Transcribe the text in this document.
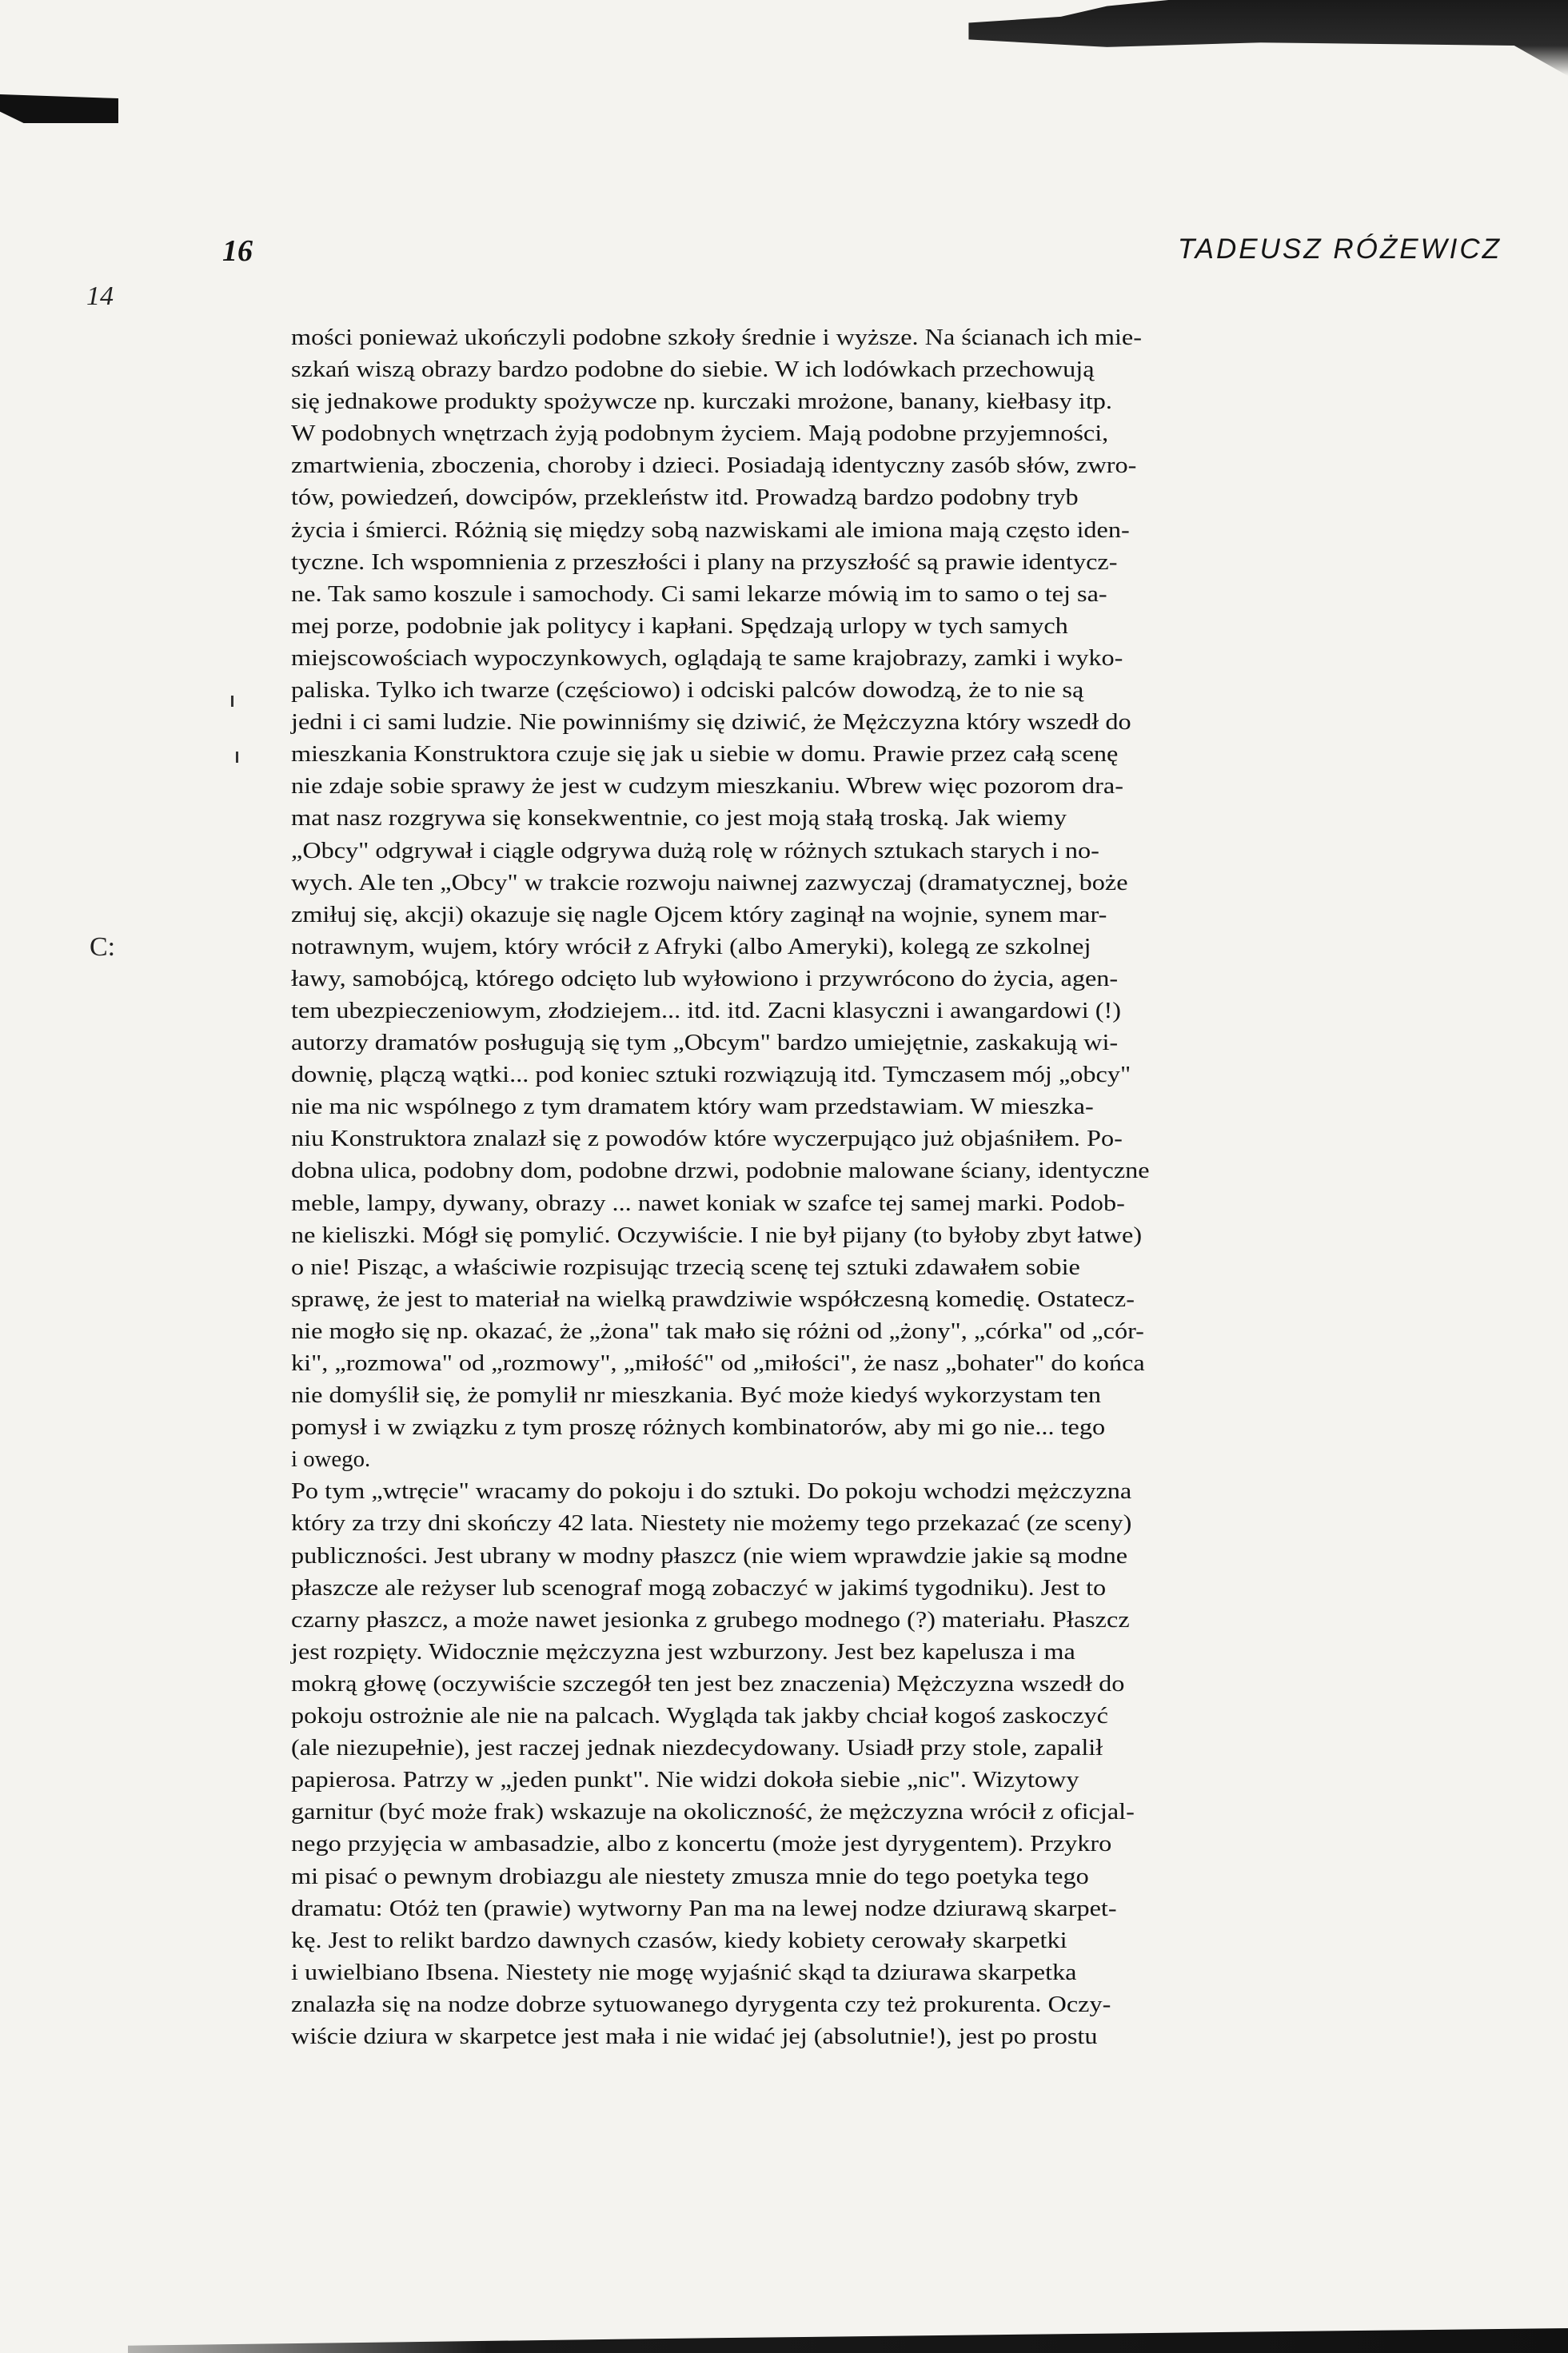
14
C:
16	TADEUSZ RÓŻEWICZ
mości ponieważ ukończyli podobne szkoły średnie i wyższe. Na ścianach ich mie-
szkań wiszą obrazy bardzo podobne do siebie. W ich lodówkach przechowują
się jednakowe produkty spożywcze np. kurczaki mrożone, banany, kiełbasy itp.
W podobnych wnętrzach żyją podobnym życiem. Mają podobne przyjemności,
zmartwienia, zboczenia, choroby i dzieci. Posiadają identyczny zasób słów, zwro-
tów, powiedzeń, dowcipów, przekleństw itd. Prowadzą bardzo podobny tryb
życia i śmierci. Różnią się między sobą nazwiskami ale imiona mają często iden-
tyczne. Ich wspomnienia z przeszłości i plany na przyszłość są prawie identycz-
ne. Tak samo koszule i samochody. Ci sami lekarze mówią im to samo o tej sa-
mej porze, podobnie jak politycy i kapłani. Spędzają urlopy w tych samych
miejscowościach wypoczynkowych, oglądają te same krajobrazy, zamki i wyko-
paliska. Tylko ich twarze (częściowo) i odciski palców dowodzą, że to nie są
jedni i ci sami ludzie. Nie powinniśmy się dziwić, że Mężczyzna który wszedł do
mieszkania Konstruktora czuje się jak u siebie w domu. Prawie przez całą scenę
nie zdaje sobie sprawy że jest w cudzym mieszkaniu. Wbrew więc pozorom dra-
mat nasz rozgrywa się konsekwentnie, co jest moją stałą troską. Jak wiemy
„Obcy" odgrywał i ciągle odgrywa dużą rolę w różnych sztukach starych i no-
wych. Ale ten „Obcy" w trakcie rozwoju naiwnej zazwyczaj (dramatycznej, boże
zmiłuj się, akcji) okazuje się nagle Ojcem który zaginął na wojnie, synem mar-
notrawnym, wujem, który wrócił z Afryki (albo Ameryki), kolegą ze szkolnej
ławy, samobójcą, którego odcięto lub wyłowiono i przywrócono do życia, agen-
tem ubezpieczeniowym, złodziejem... itd. itd. Zacni klasyczni i awangardowi (!)
autorzy dramatów posługują się tym „Obcym" bardzo umiejętnie, zaskakują wi-
downię, plączą wątki... pod koniec sztuki rozwiązują itd. Tymczasem mój „obcy"
nie ma nic wspólnego z tym dramatem który wam przedstawiam. W mieszka-
niu Konstruktora znalazł się z powodów które wyczerpująco już objaśniłem. Po-
dobna ulica, podobny dom, podobne drzwi, podobnie malowane ściany, identyczne
meble, lampy, dywany, obrazy ... nawet koniak w szafce tej samej marki. Podob-
ne kieliszki. Mógł się pomylić. Oczywiście. I nie był pijany (to byłoby zbyt łatwe)
o nie! Pisząc, a właściwie rozpisując trzecią scenę tej sztuki zdawałem sobie
sprawę, że jest to materiał na wielką prawdziwie współczesną komedię. Ostatecz-
nie mogło się np. okazać, że „żona" tak mało się różni od „żony", „córka" od „cór-
ki", „rozmowa" od „rozmowy", „miłość" od „miłości", że nasz „bohater" do końca
nie domyślił się, że pomylił nr mieszkania. Być może kiedyś wykorzystam ten
pomysł i w związku z tym proszę różnych kombinatorów, aby mi go nie... tego
i owego.
Po tym „wtręcie" wracamy do pokoju i do sztuki. Do pokoju wchodzi mężczyzna
który za trzy dni skończy 42 lata. Niestety nie możemy tego przekazać (ze sceny)
publiczności. Jest ubrany w modny płaszcz (nie wiem wprawdzie jakie są modne
płaszcze ale reżyser lub scenograf mogą zobaczyć w jakimś tygodniku). Jest to
czarny płaszcz, a może nawet jesionka z grubego modnego (?) materiału. Płaszcz
jest rozpięty. Widocznie mężczyzna jest wzburzony. Jest bez kapelusza i ma
mokrą głowę (oczywiście szczegół ten jest bez znaczenia) Mężczyzna wszedł do
pokoju ostrożnie ale nie na palcach. Wygląda tak jakby chciał kogoś zaskoczyć
(ale niezupełnie), jest raczej jednak niezdecydowany. Usiadł przy stole, zapalił
papierosa. Patrzy w „jeden punkt". Nie widzi dokoła siebie „nic". Wizytowy
garnitur (być może frak) wskazuje na okoliczność, że mężczyzna wrócił z oficjal-
nego przyjęcia w ambasadzie, albo z koncertu (może jest dyrygentem). Przykro
mi pisać o pewnym drobiazgu ale niestety zmusza mnie do tego poetyka tego
dramatu: Otóż ten (prawie) wytworny Pan ma na lewej nodze dziurawą skarpet-
kę. Jest to relikt bardzo dawnych czasów, kiedy kobiety cerowały skarpetki
i uwielbiano Ibsena. Niestety nie mogę wyjaśnić skąd ta dziurawa skarpetka
znalazła się na nodze dobrze sytuowanego dyrygenta czy też prokurenta. Oczy-
wiście dziura w skarpetce jest mała i nie widać jej (absolutnie!), jest po prostu
